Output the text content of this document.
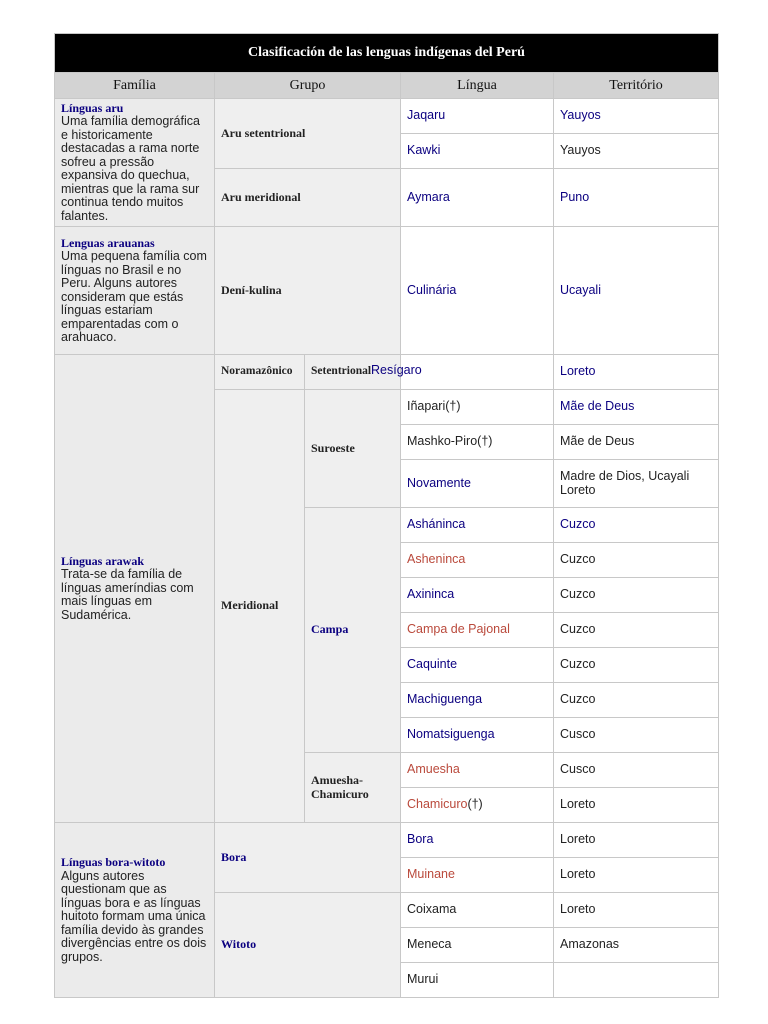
Clasificación de las lenguas indígenas del Perú				
Família	Grupo		Língua	Território

Línguas aru
Uma família demográfica e historicamente destacadas a rama norte sofreu a pressão expansiva do quechua, mientras que la rama sur continua tendo muitos falantes.	Aru setentrional		Jaqaru	Yauyos
			Kawki	Yauyos
	Aru meridional		Aymara	Puno

Lenguas arauanas
Uma pequena família com línguas no Brasil e no Peru. Alguns autores consideram que estás línguas estariam emparentadas com o arahuaco.	Dení-kulina		Culinária	Ucayali

Línguas arawak
Trata-se da família de línguas ameríndias com mais línguas em Sudamérica.	Noramazônico	Setentrional	Resígaro	Loreto
	Meridional	Suroeste	Iñapari(†)	Mãe de Deus
			Mashko-Piro(†)	Mãe de Deus
			Novamente	Madre de Dios, Ucayali Loreto
		Campa	Asháninca	Cuzco
			Asheninca	Cuzco
			Axininca	Cuzco
			Campa de Pajonal	Cuzco
			Caquinte	Cuzco
			Machiguenga	Cuzco
			Nomatsiguenga	Cusco
		Amuesha-Chamicuro	Amuesha	Cusco
			Chamicuro(†)	Loreto

Línguas bora-witoto
Alguns autores questionam que as línguas bora e as línguas huitoto formam uma única família devido às grandes divergências entre os dois grupos.	Bora		Bora	Loreto
			Muinane	Loreto
	Witoto		Coixama	Loreto
			Meneca	Amazonas
			Murui	
